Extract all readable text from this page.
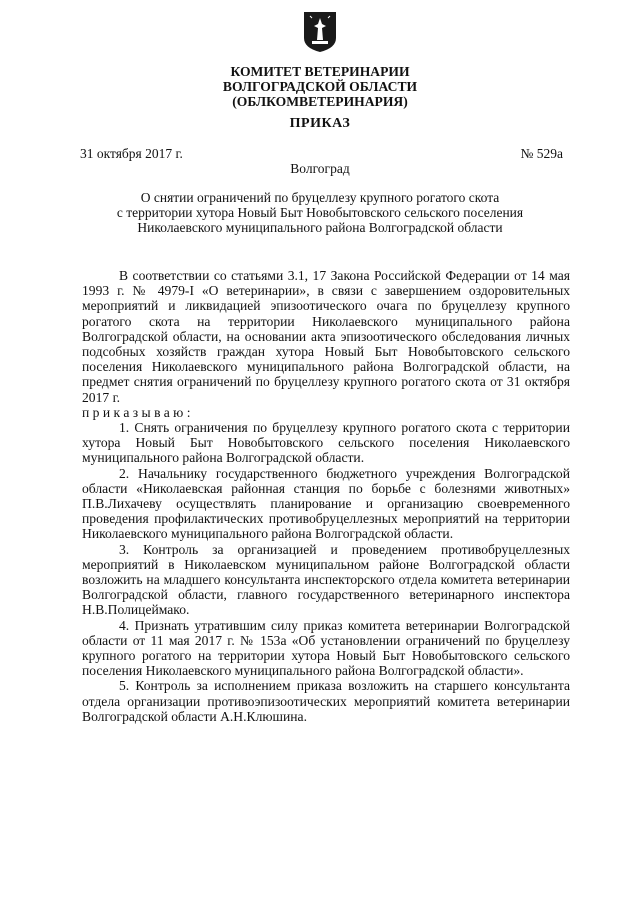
КОМИТЕТ ВЕТЕРИНАРИИ
ВОЛГОГРАДСКОЙ ОБЛАСТИ
(ОБЛКОМВЕТЕРИНАРИЯ)
ПРИКАЗ
31 октября 2017 г.	№ 529а
Волгоград
О снятии ограничений по бруцеллезу крупного рогатого скота
с территории хутора Новый Быт Новобытовского сельского поселения
Николаевского муниципального района Волгоградской области

В соответствии со статьями 3.1, 17 Закона Российской Федерации от 14 мая 1993 г. № 4979-I «О ветеринарии», в связи с завершением оздоровительных мероприятий и ликвидацией эпизоотического очага по бруцеллезу крупного рогатого скота на территории Николаевского муниципального района Волгоградской области, на основании акта эпизоотического обследования личных подсобных хозяйств граждан хутора Новый Быт Новобытовского сельского поселения Николаевского муниципального района Волгоградской области, на предмет снятия ограничений по бруцеллезу крупного рогатого скота от 31 октября 2017 г.

приказываю:

1. Снять ограничения по бруцеллезу крупного рогатого скота с территории хутора Новый Быт Новобытовского сельского поселения Николаевского муниципального района Волгоградской области.

2. Начальнику государственного бюджетного учреждения Волгоградской области «Николаевская районная станция по борьбе с болезнями животных» П.В.Лихачеву осуществлять планирование и организацию своевременного проведения профилактических противобруцеллезных мероприятий на территории Николаевского муниципального района Волгоградской области.

3. Контроль за организацией и проведением противобруцеллезных мероприятий в Николаевском муниципальном районе Волгоградской области возложить на младшего консультанта инспекторского отдела комитета ветеринарии Волгоградской области, главного государственного ветеринарного инспектора Н.В.Полицеймако.

4. Признать утратившим силу приказ комитета ветеринарии Волгоградской области от 11 мая 2017 г. № 153а «Об установлении ограничений по бруцеллезу крупного рогатого на территории хутора Новый Быт Новобытовского сельского поселения Николаевского муниципального района Волгоградской области».

5. Контроль за исполнением приказа возложить на старшего консультанта отдела организации противоэпизоотических мероприятий комитета ветеринарии Волгоградской области А.Н.Клюшина.
